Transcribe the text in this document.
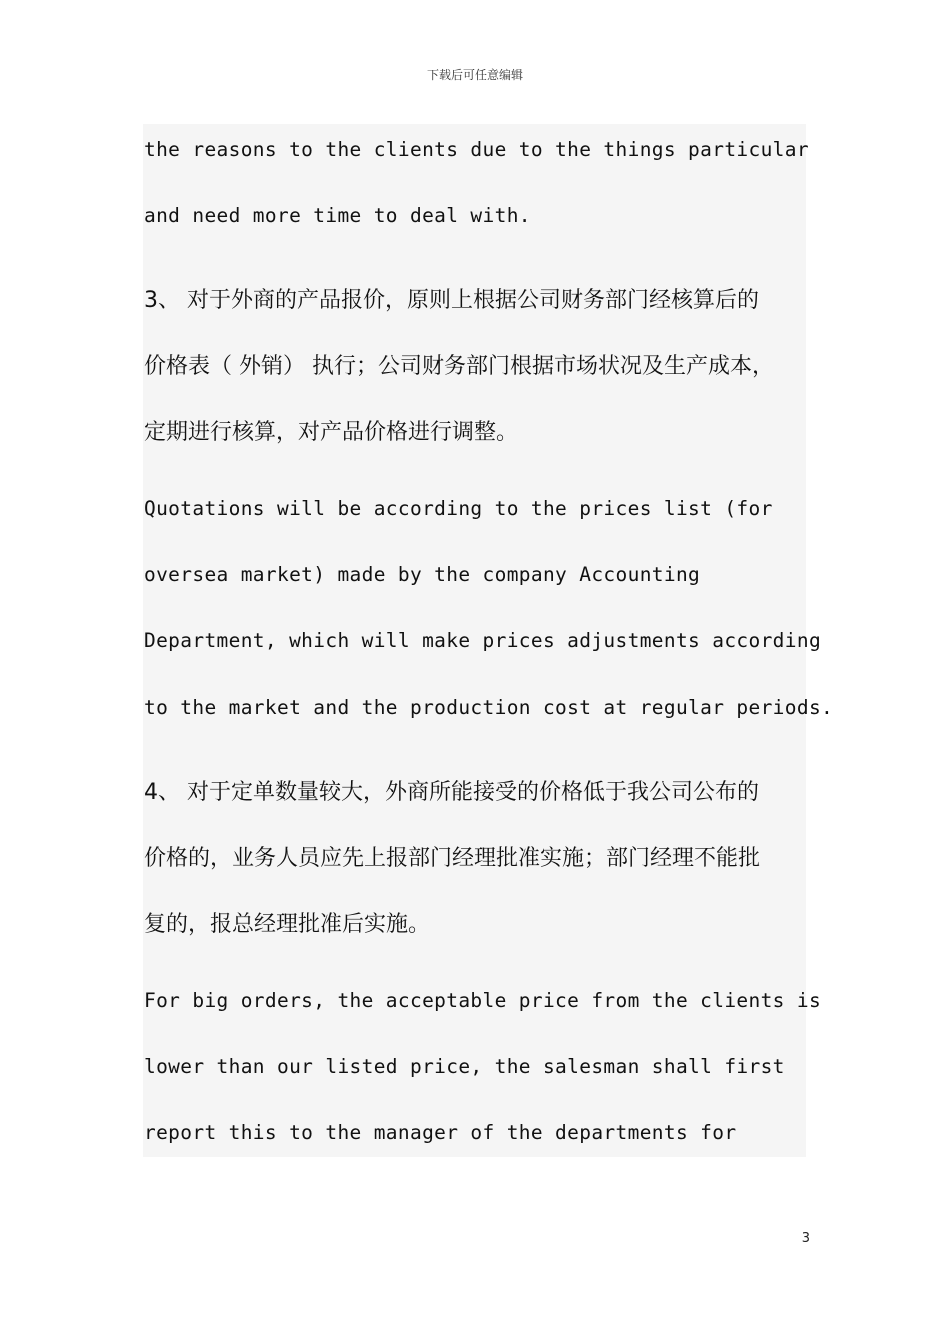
下载后可任意编辑
the reasons to the clients due to the things particular
and need more time to deal with.
3、 对于外商的产品报价，原则上根据公司财务部门经核算后的
价格表（ 外销） 执行；公司财务部门根据市场状况及生产成本，
定期进行核算，对产品价格进行调整。
Quotations will be according to the prices list (for
oversea market) made by the company Accounting
Department, which will make prices adjustments according
to the market and the production cost at regular periods.
4、 对于定单数量较大，外商所能接受的价格低于我公司公布的
价格的，业务人员应先上报部门经理批准实施；部门经理不能批
复的，报总经理批准后实施。
For big orders, the acceptable price from the clients is
lower than our listed price, the salesman shall first
report this to the manager of the departments for
3
